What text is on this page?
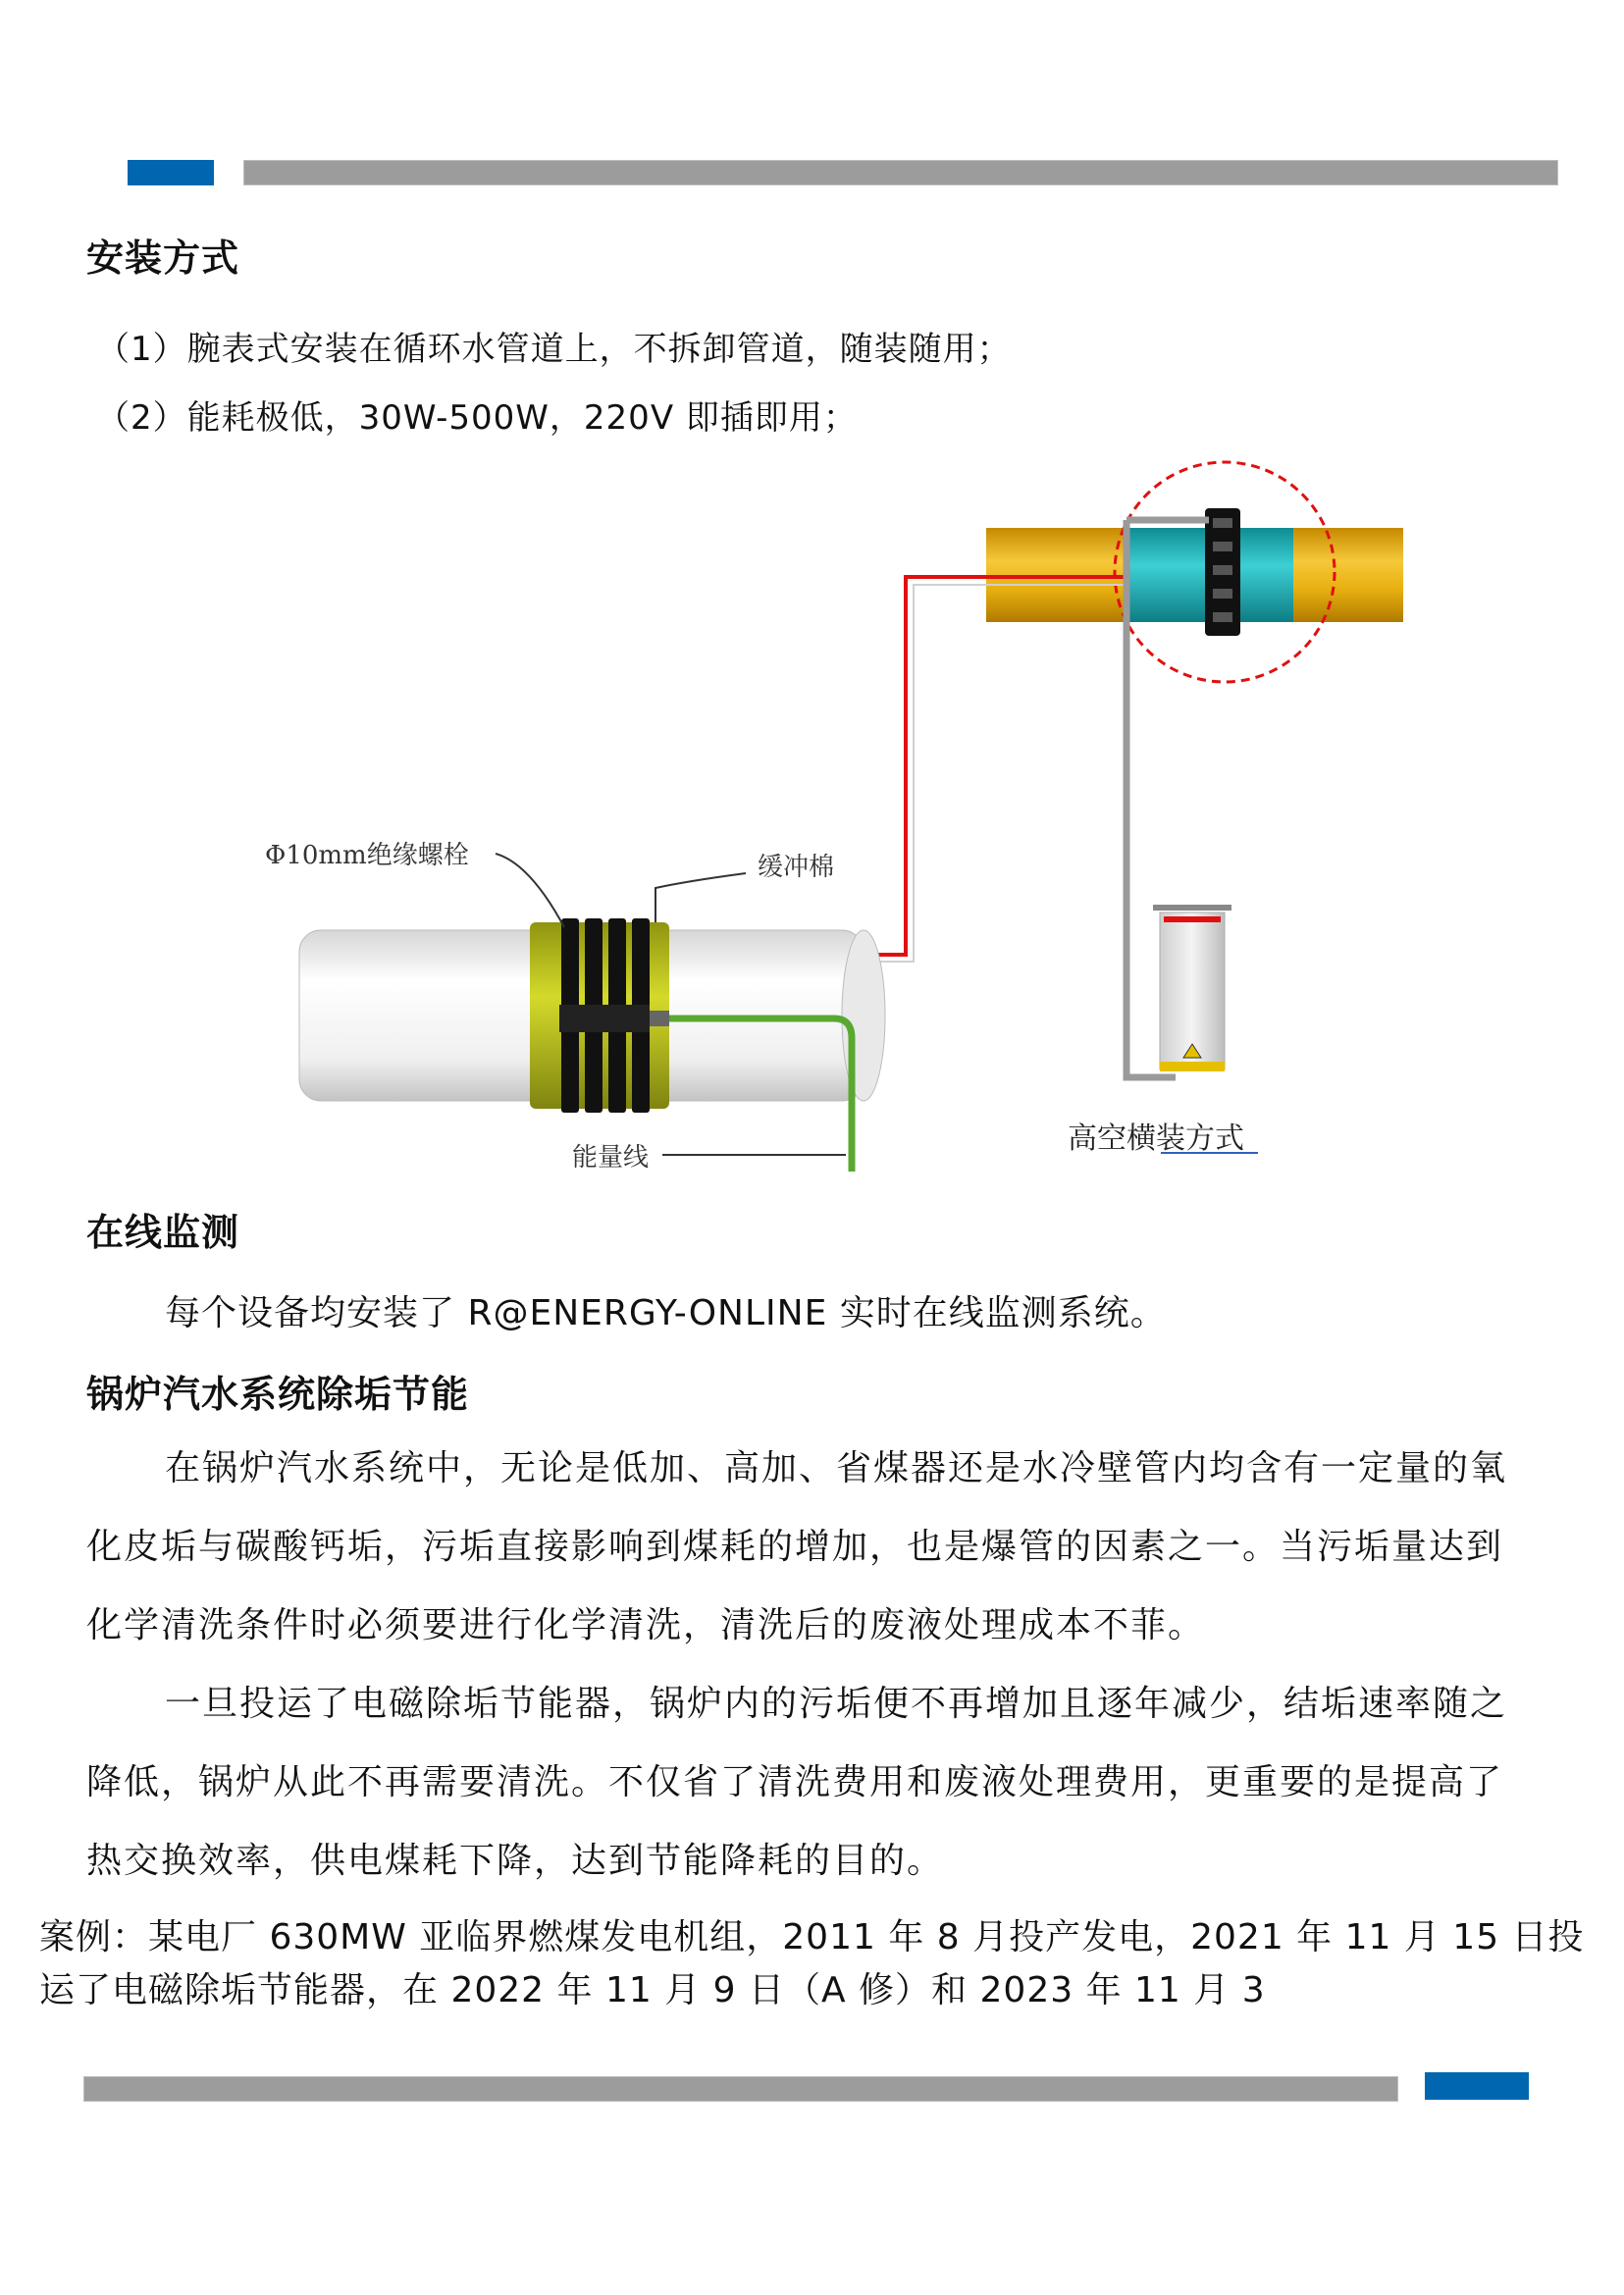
安装方式
（1）腕表式安装在循环水管道上，不拆卸管道，随装随用；
（2）能耗极低，30W-500W，220V 即插即用；
Φ10mm绝缘螺栓	缓冲棉
能量线
高空横装方式
在线监测
每个设备均安装了 R@ENERGY-ONLINE 实时在线监测系统。
锅炉汽水系统除垢节能

在锅炉汽水系统中，无论是低加、高加、省煤器还是水冷壁管内均含有一定量的氧化皮垢与碳酸钙垢，污垢直接影响到煤耗的增加，也是爆管的因素之一。当污垢量达到化学清洗条件时必须要进行化学清洗，清洗后的废液处理成本不菲。

一旦投运了电磁除垢节能器，锅炉内的污垢便不再增加且逐年减少，结垢速率随之降低，锅炉从此不再需要清洗。不仅省了清洗费用和废液处理费用，更重要的是提高了热交换效率，供电煤耗下降，达到节能降耗的目的。

案例：某电厂 630MW 亚临界燃煤发电机组，2011 年 8 月投产发电，2021 年 11 月 15 日投运了电磁除垢节能器，在 2022 年 11 月 9 日（A 修）和 2023 年 11 月 3
